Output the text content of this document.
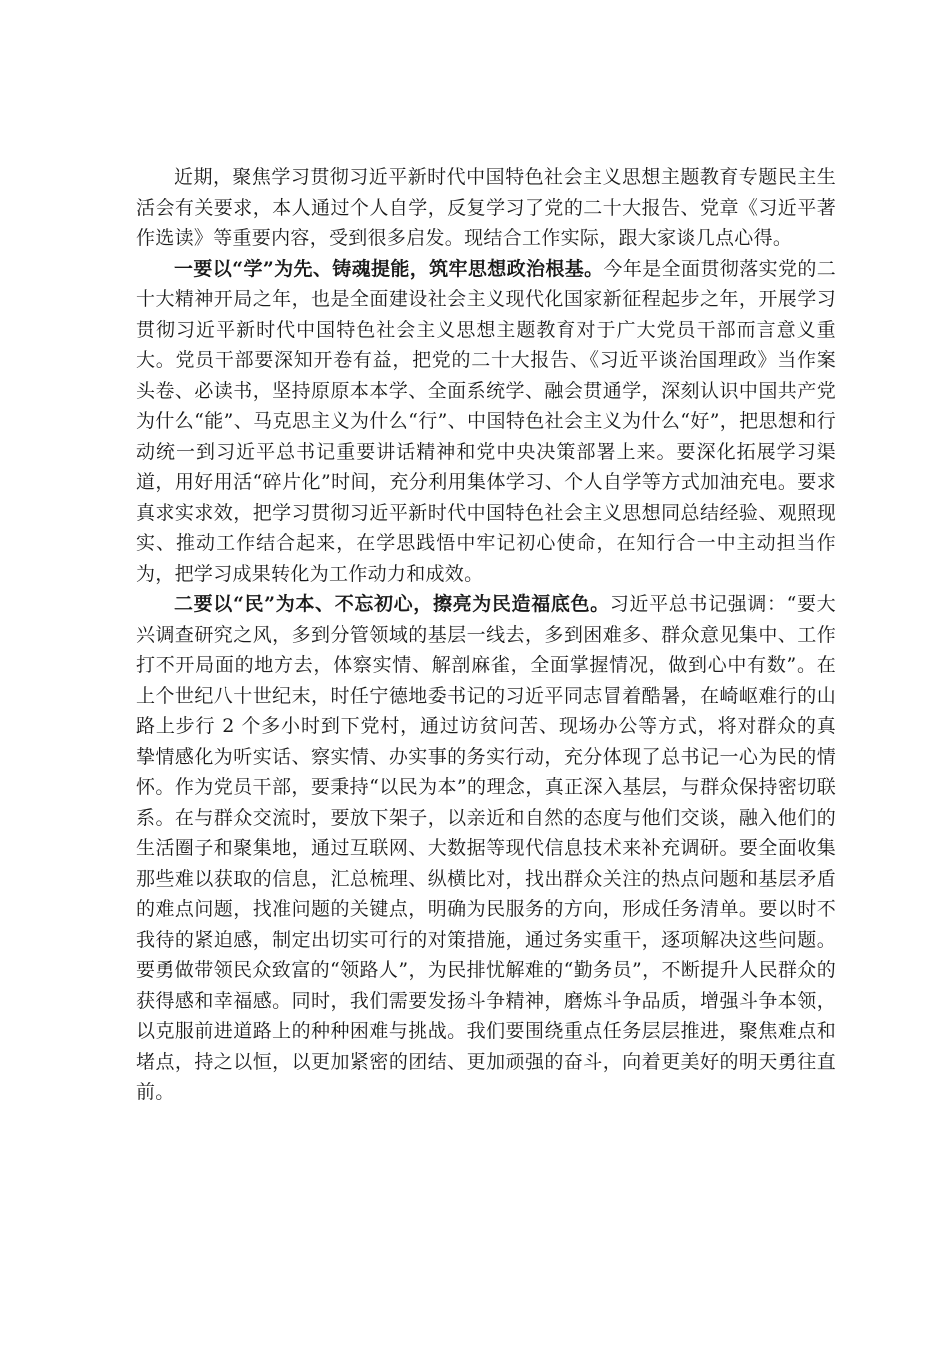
近期，聚焦学习贯彻习近平新时代中国特色社会主义思想主题教育专题民主生活会有关要求，本人通过个人自学，反复学习了党的二十大报告、党章《习近平著作选读》等重要内容，受到很多启发。现结合工作实际，跟大家谈几点心得。

一要以“学”为先、铸魂提能，筑牢思想政治根基。今年是全面贯彻落实党的二十大精神开局之年，也是全面建设社会主义现代化国家新征程起步之年，开展学习贯彻习近平新时代中国特色社会主义思想主题教育对于广大党员干部而言意义重大。党员干部要深知开卷有益，把党的二十大报告、《习近平谈治国理政》当作案头卷、必读书，坚持原原本本学、全面系统学、融会贯通学，深刻认识中国共产党为什么“能”、马克思主义为什么“行”、中国特色社会主义为什么“好”，把思想和行动统一到习近平总书记重要讲话精神和党中央决策部署上来。要深化拓展学习渠道，用好用活“碎片化”时间，充分利用集体学习、个人自学等方式加油充电。要求真求实求效，把学习贯彻习近平新时代中国特色社会主义思想同总结经验、观照现实、推动工作结合起来，在学思践悟中牢记初心使命，在知行合一中主动担当作为，把学习成果转化为工作动力和成效。

二要以“民”为本、不忘初心，擦亮为民造福底色。习近平总书记强调：“要大兴调查研究之风，多到分管领域的基层一线去，多到困难多、群众意见集中、工作打不开局面的地方去，体察实情、解剖麻雀，全面掌握情况，做到心中有数”。在上个世纪八十世纪末，时任宁德地委书记的习近平同志冒着酷暑，在崎岖难行的山路上步行 2 个多小时到下党村，通过访贫问苦、现场办公等方式，将对群众的真挚情感化为听实话、察实情、办实事的务实行动，充分体现了总书记一心为民的情怀。作为党员干部，要秉持“以民为本”的理念，真正深入基层，与群众保持密切联系。在与群众交流时，要放下架子，以亲近和自然的态度与他们交谈，融入他们的生活圈子和聚集地，通过互联网、大数据等现代信息技术来补充调研。要全面收集那些难以获取的信息，汇总梳理、纵横比对，找出群众关注的热点问题和基层矛盾的难点问题，找准问题的关键点，明确为民服务的方向，形成任务清单。要以时不我待的紧迫感，制定出切实可行的对策措施，通过务实重干，逐项解决这些问题。要勇做带领民众致富的“领路人”，为民排忧解难的“勤务员”，不断提升人民群众的获得感和幸福感。同时，我们需要发扬斗争精神，磨炼斗争品质，增强斗争本领，以克服前进道路上的种种困难与挑战。我们要围绕重点任务层层推进，聚焦难点和堵点，持之以恒，以更加紧密的团结、更加顽强的奋斗，向着更美好的明天勇往直前。
